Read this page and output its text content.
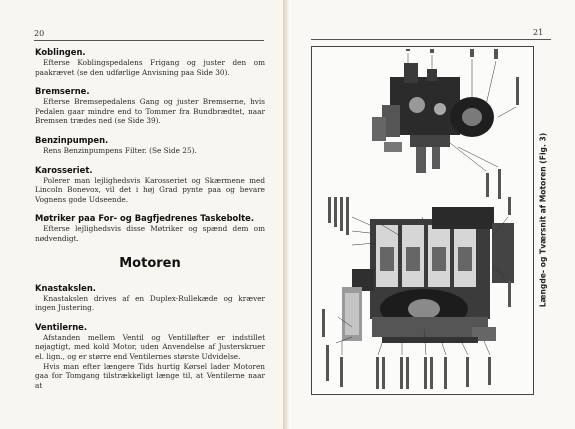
20
Koblingen.

Efterse Koblingspedalens Frigang og juster den om paakrævet (se den udførlige Anvisning paa Side 30).

Bremserne.

Efterse Bremsepedalens Gang og juster Bremserne, hvis Pedalen gaar mindre end to Tommer fra Bundbrædtet, naar Bremsen trædes ned (se Side 39).

Benzinpumpen.

Rens Benzinpumpens Filter. (Se Side 25).

Karosseriet.

Polerer man lejlighedsvis Karosseriet og Skærmene med Lincoln Bonevox, vil det i høj Grad pynte paa og bevare Vognens gode Udseende.

Møtriker paa For- og Bagfjedrenes Taskebolte.

Efterse lejlighedsvis disse Møtriker og spænd dem om nødvendigt.

Motoren
Knastakslen.

Knastakslen drives af en Duplex-Rullekæde og kræver ingen Justering.

Ventilerne.

Afstanden mellem Ventil og Ventilløfter er indstillet nøjagtigt, med kold Motor, uden Anvendelse af Justerskruer el. lign., og er større end Ventilernes største Udvidelse.

Hvis man efter længere Tids hurtig Kørsel lader Motoren gaa for Tomgang tilstrækkeligt længe til, at Ventilerne naar at

21
Længde- og Tværsnit af Motoren (Fig. 3)
